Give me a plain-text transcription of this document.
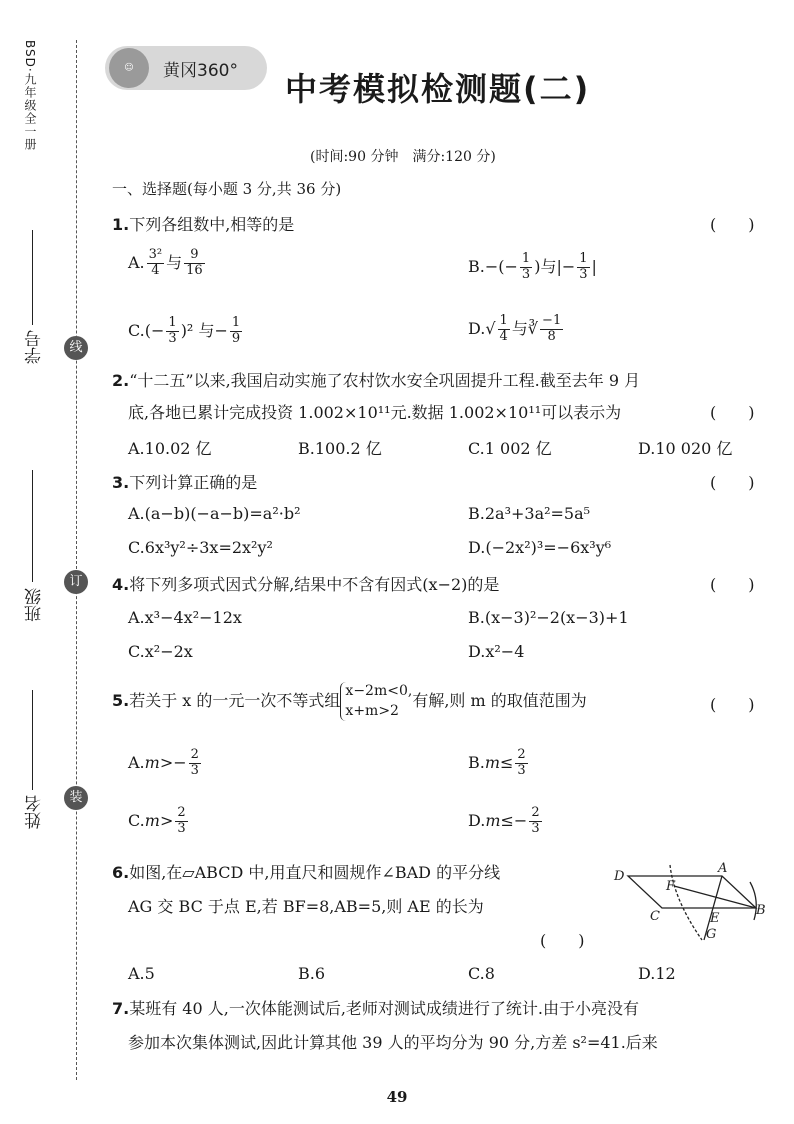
BSD·九年级全一册
学号
班级
姓名
线
订
装
☺	黄冈360° 中考模拟检测题(二)
(时间:90 分钟　满分:120 分)
一、选择题(每小题 3 分,共 36 分)
1.下列各组数中,相等的是	(　　)
A. $\frac{\text{3²}}{4}$ 与 $\frac{9}{16}$	$B.-(- \frac{1}{3}$ )与|− $\frac{1}{3}$ |
$C.(- \frac{1}{3} )^2$ 与− $\frac{1}{9}$	$D.√ \frac{1}{4}$ 与∛ $\frac{-1}{8}$
2.“十二五”以来,我国启动实施了农村饮水安全巩固提升工程.截至去年 9 月
底,各地已累计完成投资 1.002×10¹¹元.数据 1.002×10¹¹可以表示为	(　　)
A.10.02 亿	B.100.2 亿	C.1 002 亿	D.10 020 亿
3.下列计算正确的是	(　　)
A.(a−b)(−a−b)=a²·b²	B.2a³+3a²=5a⁵
C.6x³y²÷3x=2x²y²	D.(−2x²)³=−6x³y⁶
4.将下列多项式因式分解,结果中不含有因式(x−2)的是	(　　)
A.x³−4x²−12x	B.(x−3)²−2(x−3)+1
C.x²−2x	D.x²−4
5.若关于 x 的一元一次不等式组
x−2m<0,
x+m>2
有解,则 m 的取值范围为	(　　)
$A.m>- \frac{2}{3}$	$B.m\le \frac{2}{3}$
$C.m> \frac{2}{3}$	$D.m\le- \frac{2}{3}$
6.如图,在▱ABCD 中,用直尺和圆规作∠BAD 的平分线
AG 交 BC 于点 E,若 BF=8,AB=5,则 AE 的长为
(　　)
D
A
F
E
C	B
G
A.5	B.6	C.8	D.12
7.某班有 40 人,一次体能测试后,老师对测试成绩进行了统计.由于小亮没有
参加本次集体测试,因此计算其他 39 人的平均分为 90 分,方差 s²=41.后来
49
